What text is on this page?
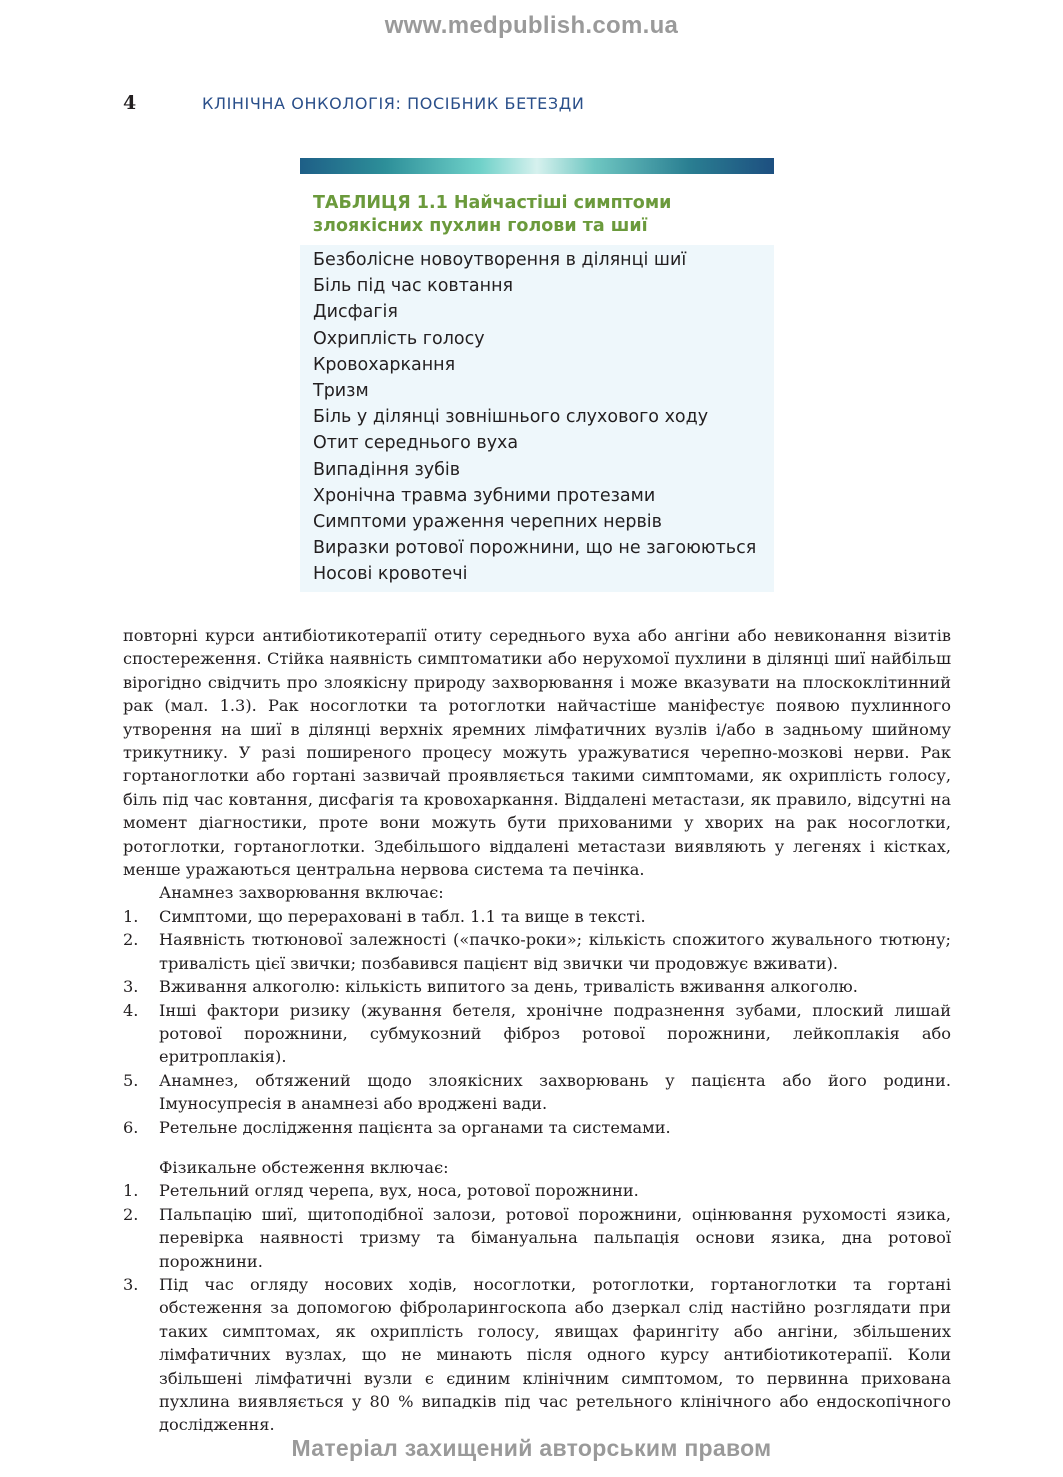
www.medpublish.com.ua
4	КЛІНІЧНА ОНКОЛОГІЯ: ПОСІБНИК БЕТЕЗДИ
ТАБЛИЦЯ 1.1 Найчастіші симптоми
злоякісних пухлин голови та шиї
Безболісне новоутворення в ділянці шиї
Біль під час ковтання
Дисфагія
Охриплість голосу
Кровохаркання
Тризм
Біль у ділянці зовнішнього слухового ходу
Отит середнього вуха
Випадіння зубів
Хронічна травма зубними протезами
Симптоми ураження черепних нервів
Виразки ротової порожнини, що не загоюються
Носові кровотечі

повторні курси антибіотикотерапії отиту середнього вуха або ангіни або невиконання візитів спостереження. Стійка наявність симптоматики або нерухомої пухлини в ділянці шиї найбільш вірогідно свідчить про злоякісну природу захворювання і може вказувати на плоскоклітинний рак (мал. 1.3). Рак носоглотки та ротоглотки найчастіше маніфестує появою пухлинного утворення на шиї в ділянці верхніх яремних лімфатичних вузлів і/або в задньому шийному трикутнику. У разі поширеного процесу можуть уражуватися черепно-мозкові нерви. Рак гортаноглотки або гортані зазвичай проявляється такими симптомами, як охриплість голосу, біль під час ковтання, дисфагія та кровохаркання. Віддалені метастази, як правило, відсутні на момент діагностики, проте вони можуть бути прихованими у хворих на рак носоглотки, ротоглотки, гортаноглотки. Здебільшого віддалені метастази виявляють у легенях і кістках, менше уражаються центральна нервова система та печінка.

Анамнез захворювання включає:

1. Симптоми, що перераховані в табл. 1.1 та вище в тексті.
2. Наявність тютюнової залежності («пачко-роки»; кількість спожитого жувального тютюну; тривалість цієї звички; позбавився пацієнт від звички чи продовжує вживати).
3. Вживання алкоголю: кількість випитого за день, тривалість вживання алкоголю.
4. Інші фактори ризику (жування бетеля, хронічне подразнення зубами, плоский лишай ротової порожнини, субмукозний фіброз ротової порожнини, лейкоплакія або еритроплакія).
5. Анамнез, обтяжений щодо злоякісних захворювань у пацієнта або його родини. Імуносупресія в анамнезі або вроджені вади.
6. Ретельне дослідження пацієнта за органами та системами.

Фізикальне обстеження включає:

1. Ретельний огляд черепа, вух, носа, ротової порожнини.
2. Пальпацію шиї, щитоподібної залози, ротової порожнини, оцінювання рухомості язика, перевірка наявності тризму та бімануальна пальпація основи язика, дна ротової порожнини.
3. Під час огляду носових ходів, носоглотки, ротоглотки, гортаноглотки та гортані обстеження за допомогою фіброларингоскопа або дзеркал слід настійно розглядати при таких симптомах, як охриплість голосу, явищах фарингіту або ангіни, збільшених лімфатичних вузлах, що не минають після одного курсу антибіотикотерапії. Коли збільшені лімфатичні вузли є єдиним клінічним симптомом, то первинна прихована пухлина виявляється у 80 % випадків під час ретельного клінічного або ендоскопічного дослідження.
Матеріал захищений авторським правом
